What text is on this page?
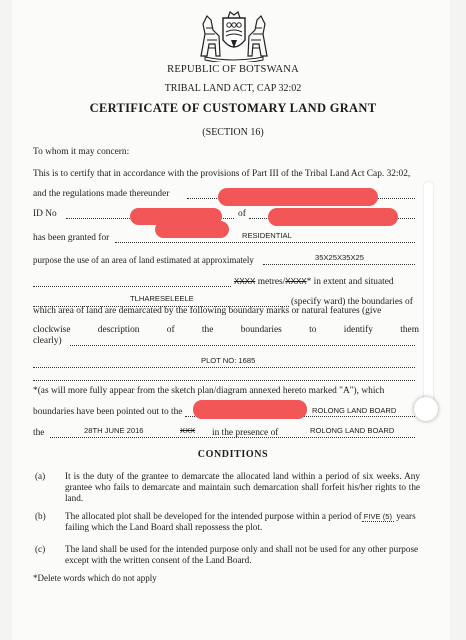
REPUBLIC OF BOTSWANA
TRIBAL LAND ACT, CAP 32:02
CERTIFICATE OF CUSTOMARY LAND GRANT
(SECTION 16)
To whom it may concern:
This is to certify that in accordance with the provisions of Part III of the Tribal Land Act Cap. 32:02,
and the regulations made thereunder
ID No	of
has been granted for	RESIDENTIAL
purpose the use of an area of land estimated at approximately	35X25X35X25
XXXX metres/XXXX* in extent and situated
TLHARESELEELE	(specify ward) the boundaries of
which area of land are demarcated by the following boundary marks or natural features (give
clockwise description of the boundaries to identify them
clearly)
PLOT NO: 1685
*(as will more fully appear from the sketch plan/diagram annexed hereto marked "A"), which
boundaries have been pointed out to the	ROLONG LAND BOARD
the	28TH JUNE 2016	XXX in the presence of	ROLONG LAND BOARD
CONDITIONS
(a) It is the duty of the grantee to demarcate the allocated land within a period of six weeks. Any grantee who fails to demarcate and maintain such demarcation shall forfeit his/her rights to the land.
(b) The allocated plot shall be developed for the intended purpose within a period of FIVE (5) years failing which the Land Board shall repossess the plot.
(c) The land shall be used for the intended purpose only and shall not be used for any other purpose except with the written consent of the Land Board.
*Delete words which do not apply
